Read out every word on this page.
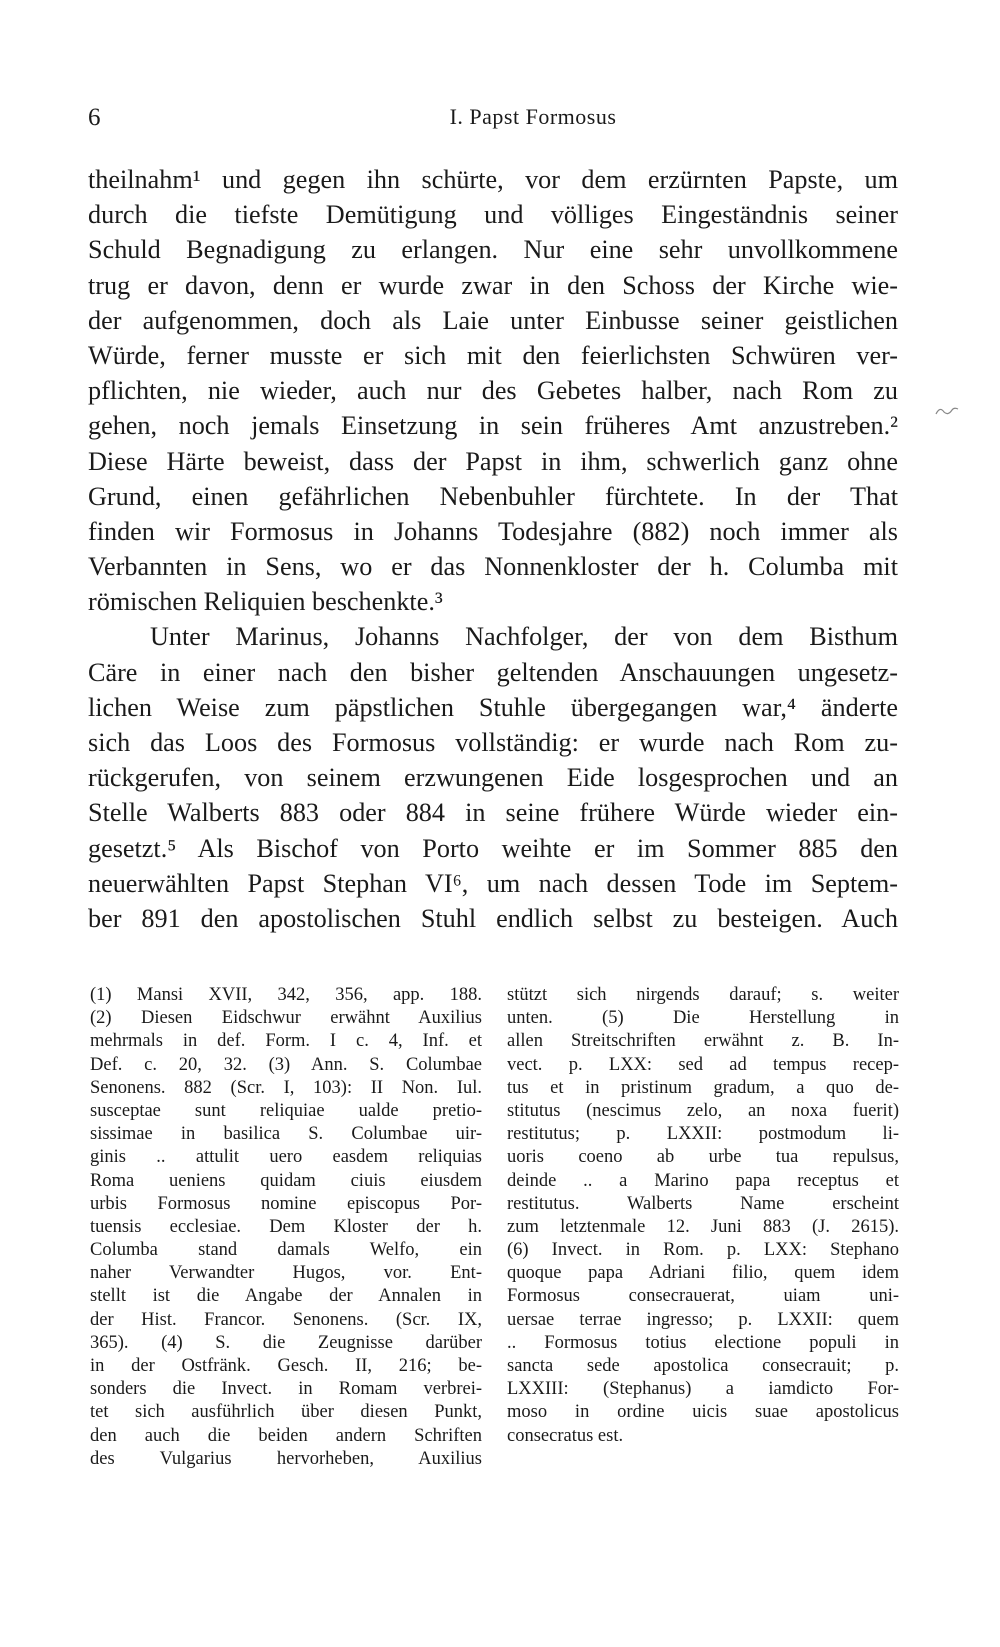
6	I. Papst Formosus
theilnahm¹ und gegen ihn schürte, vor dem erzürnten Papste, um
durch die tiefste Demütigung und völliges Eingeständnis seiner
Schuld Begnadigung zu erlangen. Nur eine sehr unvollkommene
trug er davon, denn er wurde zwar in den Schoss der Kirche wie-
der aufgenommen, doch als Laie unter Einbusse seiner geistlichen
Würde, ferner musste er sich mit den feierlichsten Schwüren ver-
pflichten, nie wieder, auch nur des Gebetes halber, nach Rom zu
gehen, noch jemals Einsetzung in sein früheres Amt anzustreben.²
Diese Härte beweist, dass der Papst in ihm, schwerlich ganz ohne
Grund, einen gefährlichen Nebenbuhler fürchtete. In der That
finden wir Formosus in Johanns Todesjahre (882) noch immer als
Verbannten in Sens, wo er das Nonnenkloster der h. Columba mit
römischen Reliquien beschenkte.³
Unter Marinus, Johanns Nachfolger, der von dem Bisthum
Cäre in einer nach den bisher geltenden Anschauungen ungesetz-
lichen Weise zum päpstlichen Stuhle übergegangen war,⁴ änderte
sich das Loos des Formosus vollständig: er wurde nach Rom zu-
rückgerufen, von seinem erzwungenen Eide losgesprochen und an
Stelle Walberts 883 oder 884 in seine frühere Würde wieder ein-
gesetzt.⁵ Als Bischof von Porto weihte er im Sommer 885 den
neuerwählten Papst Stephan VI⁶, um nach dessen Tode im Septem-
ber 891 den apostolischen Stuhl endlich selbst zu besteigen. Auch
(1) Mansi XVII, 342, 356, app. 188.
(2) Diesen Eidschwur erwähnt Auxilius
mehrmals in def. Form. I c. 4, Inf. et
Def. c. 20, 32. (3) Ann. S. Columbae
Senonens. 882 (Scr. I, 103): II Non. Iul.
susceptae sunt reliquiae ualde pretio-
sissimae in basilica S. Columbae uir-
ginis .. attulit uero easdem reliquias
Roma ueniens quidam ciuis eiusdem
urbis Formosus nomine episcopus Por-
tuensis ecclesiae. Dem Kloster der h.
Columba stand damals Welfo, ein
naher Verwandter Hugos, vor. Ent-
stellt ist die Angabe der Annalen in
der Hist. Francor. Senonens. (Scr. IX,
365). (4) S. die Zeugnisse darüber
in der Ostfränk. Gesch. II, 216; be-
sonders die Invect. in Romam verbrei-
tet sich ausführlich über diesen Punkt,
den auch die beiden andern Schriften
des Vulgarius hervorheben, Auxilius
stützt sich nirgends darauf; s. weiter
unten. (5) Die Herstellung in
allen Streitschriften erwähnt z. B. In-
vect. p. LXX: sed ad tempus recep-
tus et in pristinum gradum, a quo de-
stitutus (nescimus zelo, an noxa fuerit)
restitutus; p. LXXII: postmodum li-
uoris coeno ab urbe tua repulsus,
deinde .. a Marino papa receptus et
restitutus. Walberts Name erscheint
zum letztenmale 12. Juni 883 (J. 2615).
(6) Invect. in Rom. p. LXX: Stephano
quoque papa Adriani filio, quem idem
Formosus consecrauerat, uiam uni-
uersae terrae ingresso; p. LXXII: quem
.. Formosus totius electione populi in
sancta sede apostolica consecrauit; p.
LXXIII: (Stephanus) a iamdicto For-
moso in ordine uicis suae apostolicus
consecratus est.
